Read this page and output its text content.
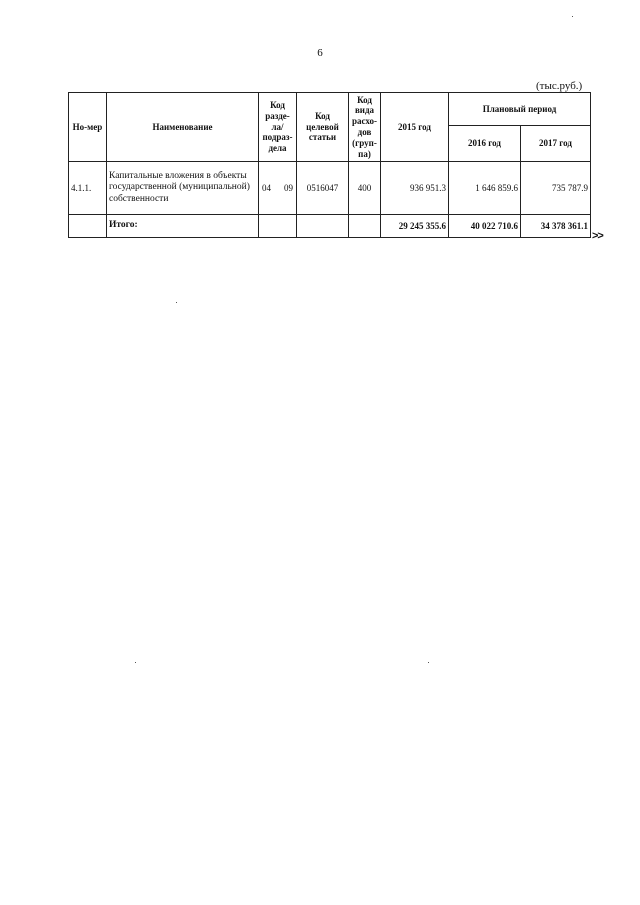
6
(тыс.руб.)
Но-мер	Наименование	Код разде-ла/ подраз-дела	Код целевой статьи	Код вида расхо-дов (груп-па)	2015 год	Плановый период	
						2016 год	2017 год
4.1.1.	Капитальные вложения в объекты государственной (муниципальной) собственности	04 09	0516047	400	936 951.3	1 646 859.6	735 787.9
	Итого:				29 245 355.6	40 022 710.6	34 378 361.1
>>
